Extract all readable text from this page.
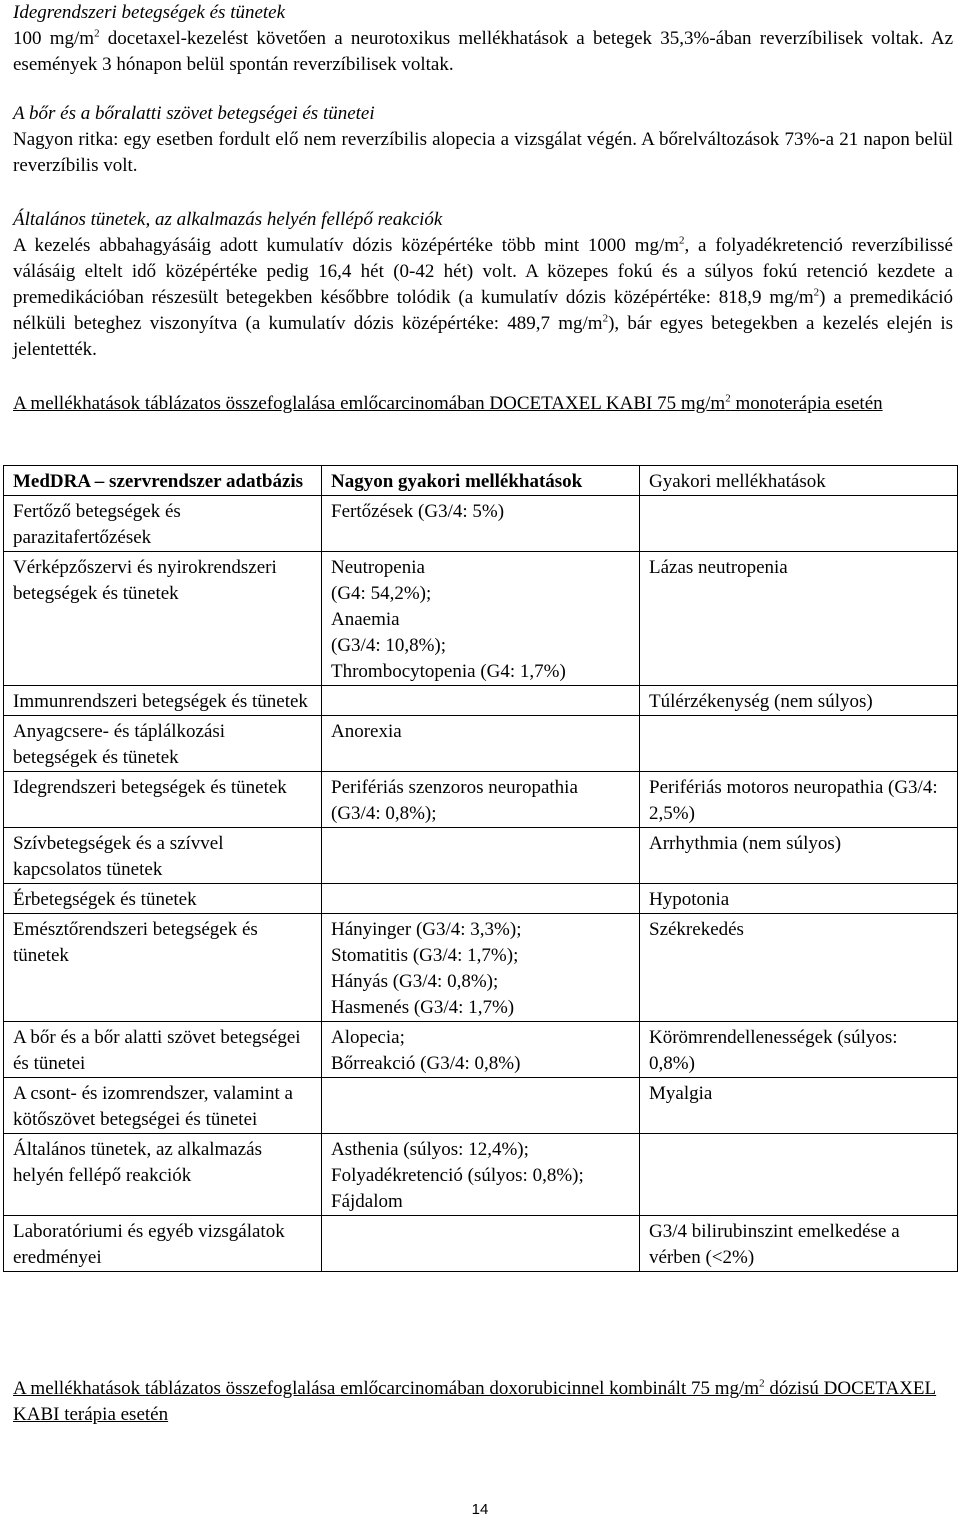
Idegrendszeri betegségek és tünetek

100 $mg/m^2$ docetaxel-kezelést követően a neurotoxikus mellékhatások a betegek 35,3%-ában reverzíbilisek voltak. Az események 3 hónapon belül spontán reverzíbilisek voltak.

A bőr és a bőralatti szövet betegségei és tünetei

Nagyon ritka: egy esetben fordult elő nem reverzíbilis alopecia a vizsgálat végén. A bőrelváltozások 73%-a 21 napon belül reverzíbilis volt.

Általános tünetek, az alkalmazás helyén fellépő reakciók

A kezelés abbahagyásáig adott kumulatív dózis középértéke több mint 1000 $mg/m^2$, a folyadékretenció reverzíbilissé válásáig eltelt idő középértéke pedig 16,4 hét (0-42 hét) volt. A közepes fokú és a súlyos fokú retenció kezdete a premedikációban részesült betegekben későbbre tolódik (a kumulatív dózis középértéke: 818,9 $mg/m^2$) a premedikáció nélküli beteghez viszonyítva (a kumulatív dózis középértéke: 489,7 $mg/m^2$), bár egyes betegekben a kezelés elején is jelentették.

A mellékhatások táblázatos összefoglalása emlőcarcinomában DOCETAXEL KABI 75 $mg/m^2$ monoterápia esetén

MedDRA – szervrendszer adatbázis	Nagyon gyakori mellékhatások	Gyakori mellékhatások
Fertőző betegségek és parazitafertőzések	Fertőzések (G3/4: 5%)	
Vérképzőszervi és nyirokrendszeri betegségek és tünetek	Neutropenia
(G4: 54,2%);
Anaemia
(G3/4: 10,8%);
Thrombocytopenia (G4: 1,7%)	Lázas neutropenia
Immunrendszeri betegségek és tünetek		Túlérzékenység (nem súlyos)
Anyagcsere- és táplálkozási betegségek és tünetek	Anorexia	
Idegrendszeri betegségek és tünetek	Perifériás szenzoros neuropathia (G3/4: 0,8%);	Perifériás motoros neuropathia (G3/4: 2,5%)
Szívbetegségek és a szívvel kapcsolatos tünetek		Arrhythmia (nem súlyos)
Érbetegségek és tünetek		Hypotonia
Emésztőrendszeri betegségek és tünetek	Hányinger (G3/4: 3,3%);
Stomatitis (G3/4: 1,7%);
Hányás (G3/4: 0,8%);
Hasmenés (G3/4: 1,7%)	Székrekedés
A bőr és a bőr alatti szövet betegségei és tünetei	Alopecia;
Bőrreakció (G3/4: 0,8%)	Körömrendellenességek (súlyos: 0,8%)
A csont- és izomrendszer, valamint a kötőszövet betegségei és tünetei		Myalgia
Általános tünetek, az alkalmazás helyén fellépő reakciók	Asthenia (súlyos: 12,4%);
Folyadékretenció (súlyos: 0,8%);
Fájdalom	
Laboratóriumi és egyéb vizsgálatok eredményei		G3/4 bilirubinszint emelkedése a vérben (<2%)

A mellékhatások táblázatos összefoglalása emlőcarcinomában doxorubicinnel kombinált 75 $mg/m^2$ dózisú DOCETAXEL KABI terápia esetén

14
